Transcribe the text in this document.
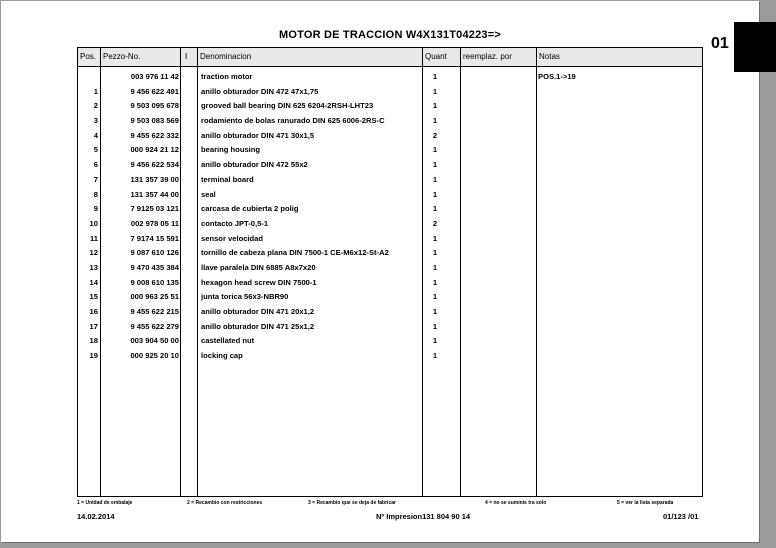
MOTOR DE TRACCION W4X131T04223=>
Pos. Pezzo-No.	I	Denominacion	Quant	reemplaz. por	Notas
003 976 11 42	traction motor	1	POS.1->19
1	9 456 622 491	anillo obturador DIN 472 47x1,75	1
2	9 503 095 678	grooved ball bearing DIN 625 6204-2RSH-LHT23	1
3	9 503 083 569	rodamiento de bolas ranurado DIN 625 6006-2RS-C	1
4	9 455 622 332	anillo obturador DIN 471 30x1,5	2
5	000 924 21 12	bearing housing	1
6	9 456 622 534	anillo obturador DIN 472 55x2	1
7	131 357 39 00	terminal board	1
8	131 357 44 00	seal	1
9	7 9125 03 121	carcasa de cubierta 2 polig	1
10	002 978 05 11	contacto JPT-0,5-1	2
11	7 9174 15 591	sensor velocidad	1
12	9 087 610 126	tornillo de cabeza plana DIN 7500-1 CE-M6x12-St-A2	1
13	9 470 435 384	llave paralela DIN 6885 A8x7x20	1
14	9 008 610 135	hexagon head screw DIN 7500-1	1
15	000 963 25 51	junta torica 56x3-NBR90	1
16	9 455 622 215	anillo obturador DIN 471 20x1,2	1
17	9 455 622 279	anillo obturador DIN 471 25x1,2	1
18	003 904 50 00	castellated nut	1
19	000 925 20 10	locking cap	1
1 = Unidad de embalaje	2 = Recambio con restricciones	3 = Recambio que se deja de fabricar	4 = no se suminis tra solo	5 = ver la lista separada
14.02.2014	Nº Impresion131 804 90 14	01/123 /01
01
